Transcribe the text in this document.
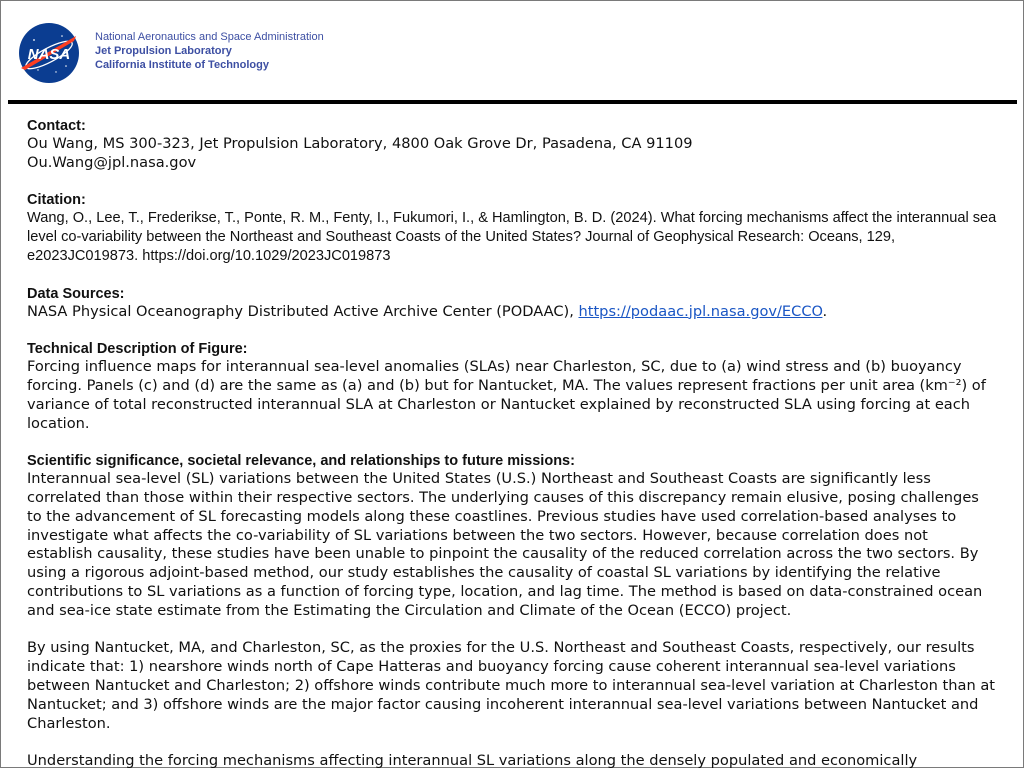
NASA
National Aeronautics and Space Administration
Jet Propulsion Laboratory
California Institute of Technology
Contact:
Ou Wang, MS 300-323, Jet Propulsion Laboratory, 4800 Oak Grove Dr, Pasadena, CA 91109
Ou.Wang@jpl.nasa.gov
Citation:
Wang, O., Lee, T., Frederikse, T., Ponte, R. M., Fenty, I., Fukumori, I., & Hamlington, B. D. (2024). What forcing mechanisms affect the interannual sea level co-variability between the Northeast and Southeast Coasts of the United States? Journal of Geophysical Research: Oceans, 129, e2023JC019873. https://doi.org/10.1029/2023JC019873
Data Sources:
NASA Physical Oceanography Distributed Active Archive Center (PODAAC), https://podaac.jpl.nasa.gov/ECCO.
Technical Description of Figure:
Forcing influence maps for interannual sea-level anomalies (SLAs) near Charleston, SC, due to (a) wind stress and (b) buoyancy forcing. Panels (c) and (d) are the same as (a) and (b) but for Nantucket, MA. The values represent fractions per unit area (km⁻²) of variance of total reconstructed interannual SLA at Charleston or Nantucket explained by reconstructed SLA using forcing at each location.
Scientific significance, societal relevance, and relationships to future missions:
Interannual sea-level (SL) variations between the United States (U.S.) Northeast and Southeast Coasts are significantly less correlated than those within their respective sectors. The underlying causes of this discrepancy remain elusive, posing challenges to the advancement of SL forecasting models along these coastlines. Previous studies have used correlation-based analyses to investigate what affects the co-variability of SL variations between the two sectors. However, because correlation does not establish causality, these studies have been unable to pinpoint the causality of the reduced correlation across the two sectors. By using a rigorous adjoint-based method, our study establishes the causality of coastal SL variations by identifying the relative contributions to SL variations as a function of forcing type, location, and lag time. The method is based on data-constrained ocean and sea-ice state estimate from the Estimating the Circulation and Climate of the Ocean (ECCO) project.
By using Nantucket, MA, and Charleston, SC, as the proxies for the U.S. Northeast and Southeast Coasts, respectively, our results indicate that: 1) nearshore winds north of Cape Hatteras and buoyancy forcing cause coherent interannual sea-level variations between Nantucket and Charleston; 2) offshore winds contribute much more to interannual sea-level variation at Charleston than at Nantucket; and 3) offshore winds are the major factor causing incoherent interannual sea-level variations between Nantucket and Charleston.
Understanding the forcing mechanisms affecting interannual SL variations along the densely populated and economically
